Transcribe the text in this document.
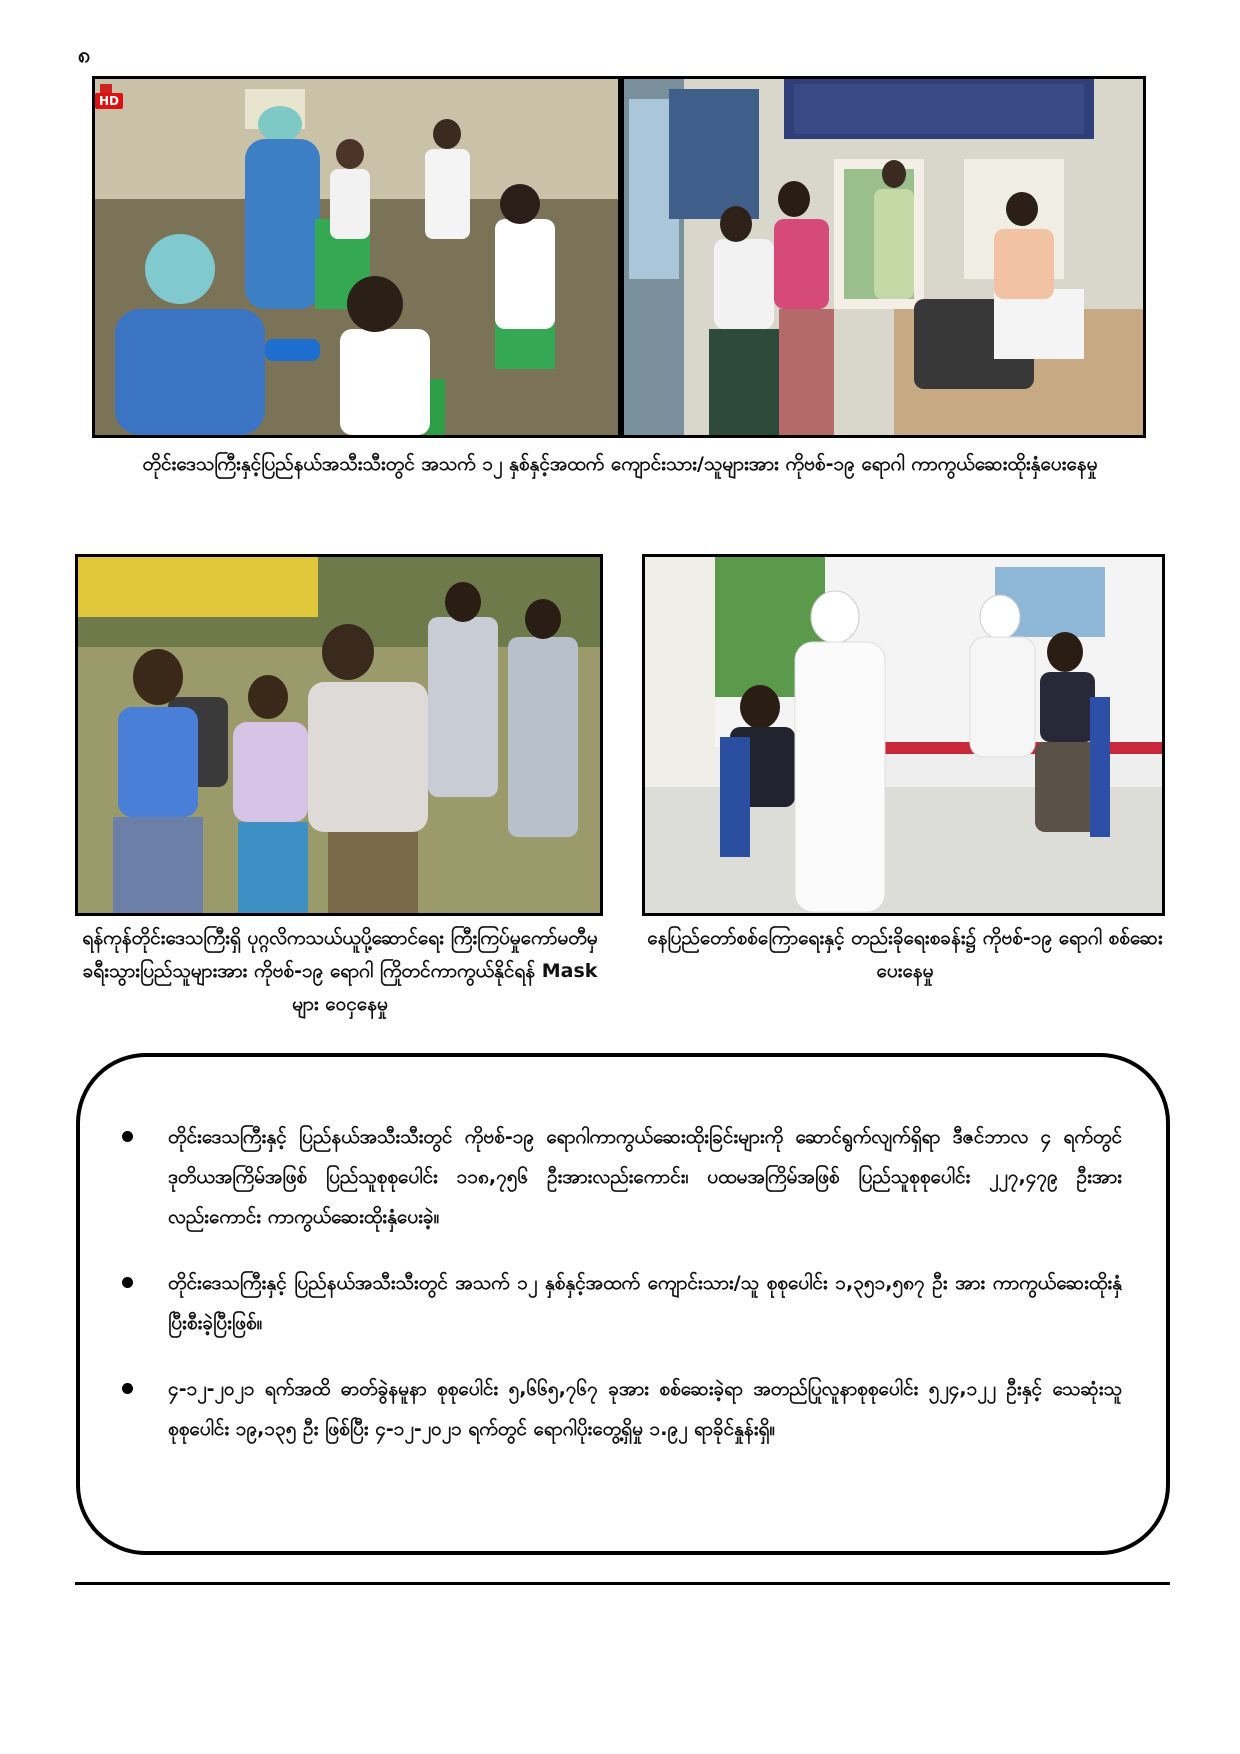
၈
HD
တိုင်းဒေသကြီးနှင့်ပြည်နယ်အသီးသီးတွင် အသက် ၁၂ နှစ်နှင့်အထက် ကျောင်းသား/သူများအား ကိုဗစ်-၁၉ ရောဂါ ကာကွယ်ဆေးထိုးနှံပေးနေမှု
ရန်ကုန်တိုင်းဒေသကြီးရှိ ပုဂ္ဂလိကသယ်ယူပို့ဆောင်ရေး ကြီးကြပ်မှုကော်မတီမှ ခရီးသွားပြည်သူများအား ကိုဗစ်-၁၉ ရောဂါ ကြိုတင်ကာကွယ်နိုင်ရန် Mask များ ဝေငှနေမှု
နေပြည်တော်စစ်ကြောရေးနှင့် တည်းခိုရေးစခန်း၌ ကိုဗစ်-၁၉ ရောဂါ စစ်ဆေးပေးနေမှု
တိုင်းဒေသကြီးနှင့် ပြည်နယ်အသီးသီးတွင် ကိုဗစ်-၁၉ ရောဂါကာကွယ်ဆေးထိုးခြင်းများကို ဆောင်ရွက်လျက်ရှိရာ ဒီဇင်ဘာလ ၄ ရက်တွင် ဒုတိယအကြိမ်အဖြစ် ပြည်သူစုစုပေါင်း ၁၁၈,၇၅၆ ဦးအားလည်းကောင်း၊ ပထမအကြိမ်အဖြစ် ပြည်သူစုစုပေါင်း ၂၂၇,၄၇၉ ဦးအားလည်းကောင်း ကာကွယ်ဆေးထိုးနှံပေးခဲ့။
တိုင်းဒေသကြီးနှင့် ပြည်နယ်အသီးသီးတွင် အသက် ၁၂ နှစ်နှင့်အထက် ကျောင်းသား/သူ စုစုပေါင်း ၁,၃၅၁,၅၈၇ ဦး အား ကာကွယ်ဆေးထိုးနှံပြီးစီးခဲ့ပြီးဖြစ်။
၄-၁၂-၂၀၂၁ ရက်အထိ ဓာတ်ခွဲနမူနာ စုစုပေါင်း ၅,၆၆၅,၇၆၇ ခုအား စစ်ဆေးခဲ့ရာ အတည်ပြုလူနာစုစုပေါင်း ၅၂၄,၁၂၂ ဦးနှင့် သေဆုံးသူစုစုပေါင်း ၁၉,၁၃၅ ဦး ဖြစ်ပြီး ၄-၁၂-၂၀၂၁ ရက်တွင် ရောဂါပိုးတွေ့ရှိမှု ၁.၉၂ ရာခိုင်နှုန်းရှိ။
